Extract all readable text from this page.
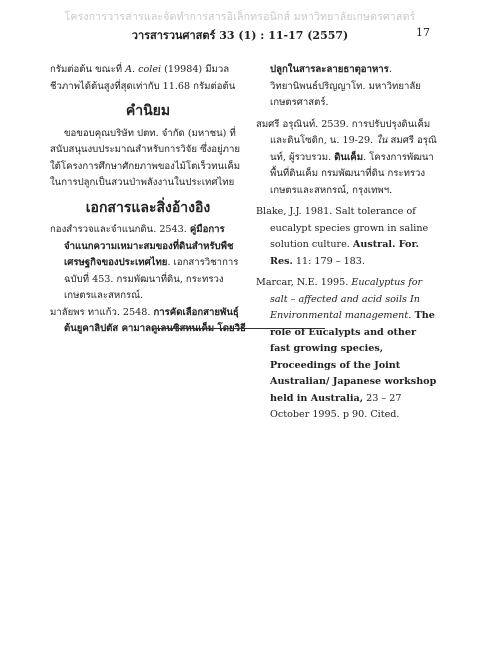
โครงการวารสารและจัดทำการสารอิเล็กทรอนิกส์ มหาวิทยาลัยเกษตรศาสตร์
วารสารวนศาสตร์ 33 (1) : 11-17 (2557)	17

กรัมต่อต้น ขณะที่ A. colei (19984) มีมวลชีวภาพได้ต้นสูงที่สุดเท่ากับ 11.68 กรัมต่อต้น

คำนิยม

ขอขอบคุณบริษัท ปตท. จำกัด (มหาชน) ที่สนับสนุนงบประมาณสำหรับการวิจัย ซึ่งอยู่ภายใต้โครงการศึกษาศักยภาพของไม้โตเร็วทนเค็มในการปลูกเป็นสวนป่าพลังงานในประเทศไทย

เอกสารและสิ่งอ้างอิง

กองสำรวจและจำแนกดิน. 2543. คู่มือการจำแนกความเหมาะสมของที่ดินสำหรับพืชเศรษฐกิจของประเทศไทย. เอกสารวิชาการฉบับที่ 453. กรมพัฒนาที่ดิน, กระทรวงเกษตรและสหกรณ์.

มาลัยพร ทาแก้ว. 2548. การคัดเลือกสายพันธุ์ต้นยูคาลิปตัส คามาลดูเลนซิสทนเค็ม โดยวิธี

ปลูกในสารละลายธาตุอาหาร. วิทยานิพนธ์ปริญญาโท. มหาวิทยาลัยเกษตรศาสตร์.

สมศรี อรุณินท์. 2539. การปรับปรุงดินเค็มและดินโซดิก, น. 19-29. ใน สมศรี อรุณินท์, ผู้รวบรวม. ดินเค็ม. โครงการพัฒนาพื้นที่ดินเค็ม กรมพัฒนาที่ดิน กระทรวงเกษตรและสหกรณ์, กรุงเทพฯ.

Blake, J.J. 1981. Salt tolerance of eucalypt species grown in saline solution culture. Austral. For. Res. 11: 179 – 183.

Marcar, N.E. 1995. Eucalyptus for salt – affected and acid soils In Environmental management. The role of Eucalypts and other fast growing species, Proceedings of the Joint Australian/ Japanese workshop held in Australia, 23 – 27 October 1995. p 90. Cited.
